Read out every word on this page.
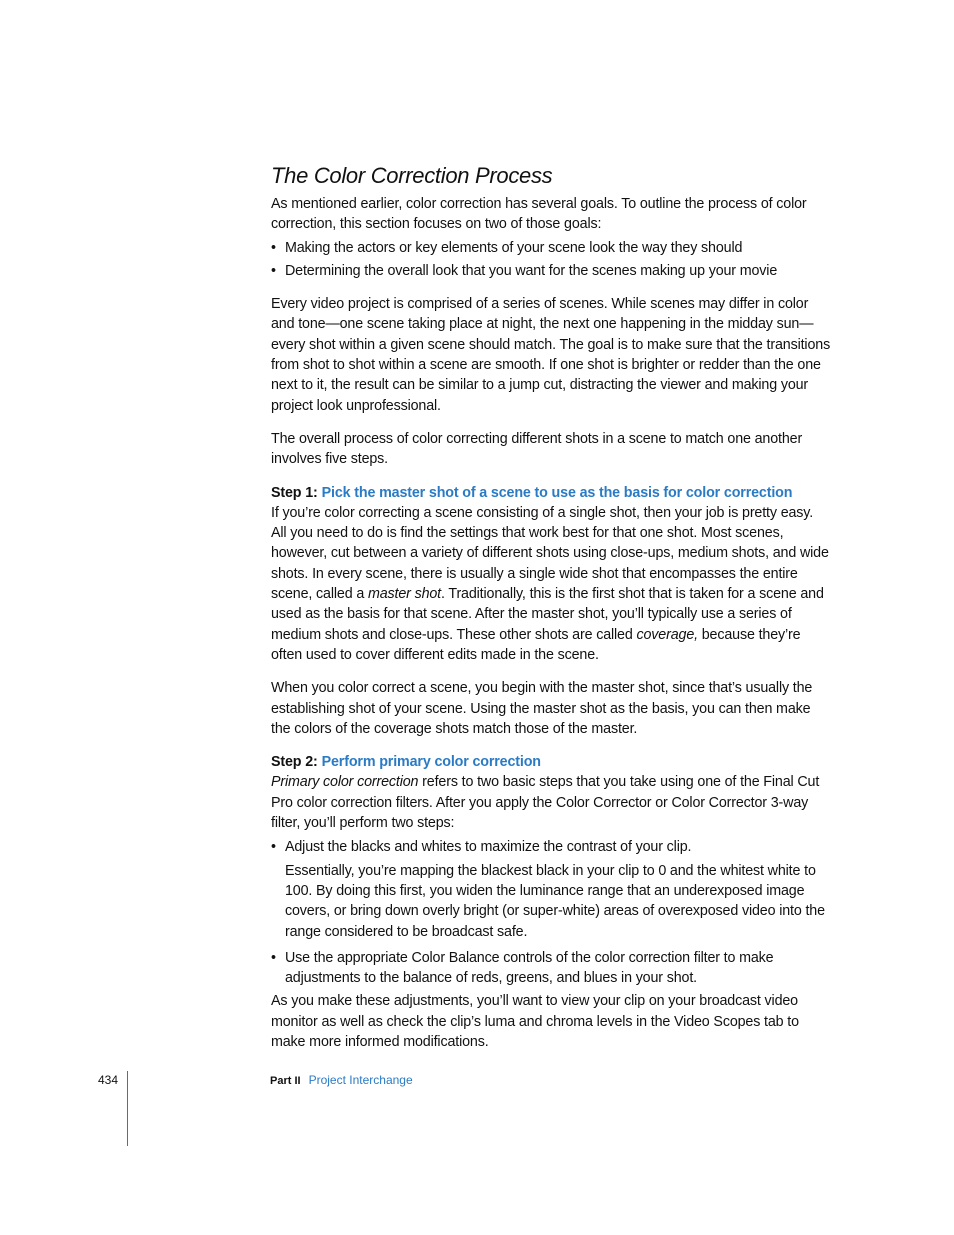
The Color Correction Process

As mentioned earlier, color correction has several goals. To outline the process of color correction, this section focuses on two of those goals:

• Making the actors or key elements of your scene look the way they should
• Determining the overall look that you want for the scenes making up your movie

Every video project is comprised of a series of scenes. While scenes may differ in color and tone—one scene taking place at night, the next one happening in the midday sun—every shot within a given scene should match. The goal is to make sure that the transitions from shot to shot within a scene are smooth. If one shot is brighter or redder than the one next to it, the result can be similar to a jump cut, distracting the viewer and making your project look unprofessional.

The overall process of color correcting different shots in a scene to match one another involves five steps.

Step 1: Pick the master shot of a scene to use as the basis for color correction

If you’re color correcting a scene consisting of a single shot, then your job is pretty easy. All you need to do is find the settings that work best for that one shot. Most scenes, however, cut between a variety of different shots using close-ups, medium shots, and wide shots. In every scene, there is usually a single wide shot that encompasses the entire scene, called a master shot. Traditionally, this is the first shot that is taken for a scene and used as the basis for that scene. After the master shot, you’ll typically use a series of medium shots and close-ups. These other shots are called coverage, because they’re often used to cover different edits made in the scene.

When you color correct a scene, you begin with the master shot, since that’s usually the establishing shot of your scene. Using the master shot as the basis, you can then make the colors of the coverage shots match those of the master.

Step 2: Perform primary color correction

Primary color correction refers to two basic steps that you take using one of the Final Cut Pro color correction filters. After you apply the Color Corrector or Color Corrector 3-way filter, you’ll perform two steps:

• Adjust the blacks and whites to maximize the contrast of your clip.

Essentially, you’re mapping the blackest black in your clip to 0 and the whitest white to 100. By doing this first, you widen the luminance range that an underexposed image covers, or bring down overly bright (or super-white) areas of overexposed video into the range considered to be broadcast safe.

• Use the appropriate Color Balance controls of the color correction filter to make adjustments to the balance of reds, greens, and blues in your shot.

As you make these adjustments, you’ll want to view your clip on your broadcast video monitor as well as check the clip’s luma and chroma levels in the Video Scopes tab to make more informed modifications.

434	Part II Project Interchange
